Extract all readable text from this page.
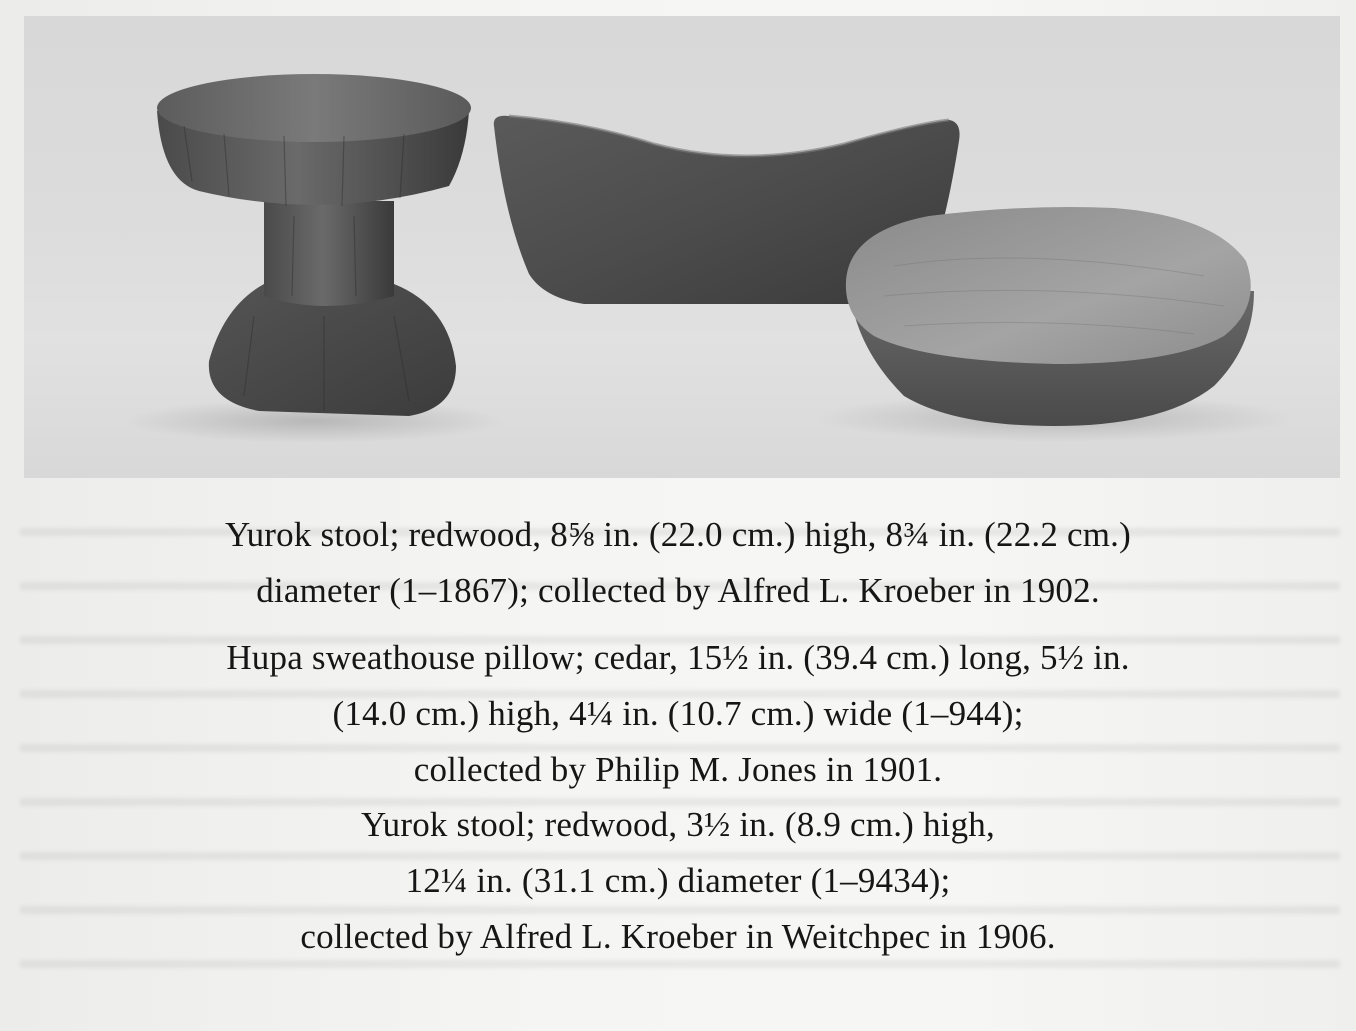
Yurok stool; redwood, 8⅝ in. (22.0 cm.) high, 8¾ in. (22.2 cm.)
diameter (1–1867); collected by Alfred L. Kroeber in 1902.
Hupa sweathouse pillow; cedar, 15½ in. (39.4 cm.) long, 5½ in.
(14.0 cm.) high, 4¼ in. (10.7 cm.) wide (1–944);
collected by Philip M. Jones in 1901.
Yurok stool; redwood, 3½ in. (8.9 cm.) high,
12¼ in. (31.1 cm.) diameter (1–9434);
collected by Alfred L. Kroeber in Weitchpec in 1906.
